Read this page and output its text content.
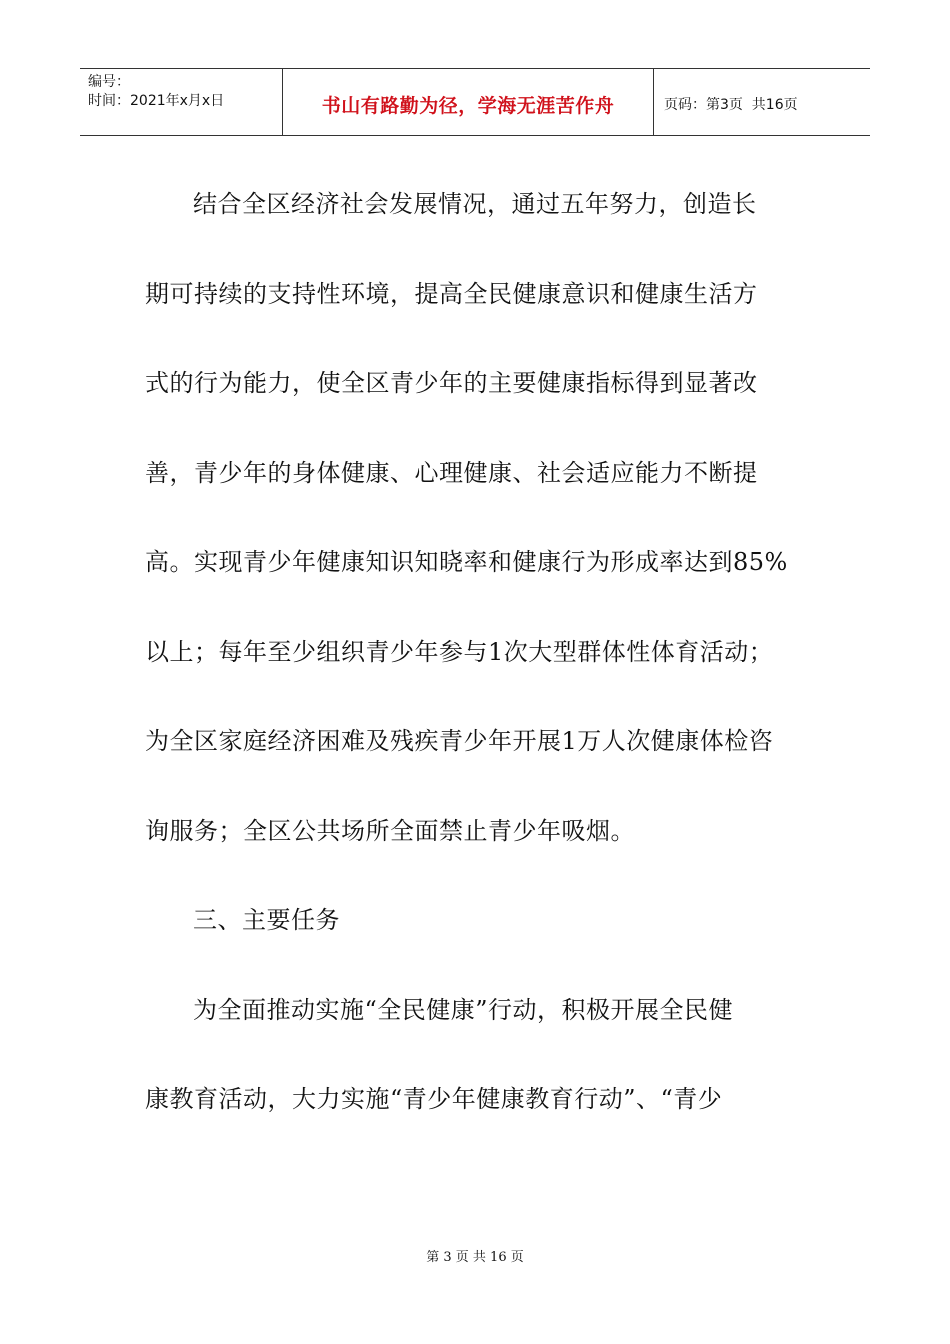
编号：
时间：2021年x月x日	书山有路勤为径，学海无涯苦作舟	页码：第3页  共16页

结合全区经济社会发展情况，通过五年努力，创造长

期可持续的支持性环境，提高全民健康意识和健康生活方

式的行为能力，使全区青少年的主要健康指标得到显著改

善，青少年的身体健康、心理健康、社会适应能力不断提

高。实现青少年健康知识知晓率和健康行为形成率达到85%

以上；每年至少组织青少年参与1次大型群体性体育活动；

为全区家庭经济困难及残疾青少年开展1万人次健康体检咨

询服务；全区公共场所全面禁止青少年吸烟。

三、主要任务

为全面推动实施“全民健康”行动，积极开展全民健

康教育活动，大力实施“青少年健康教育行动”、“青少

第 3 页 共 16 页
